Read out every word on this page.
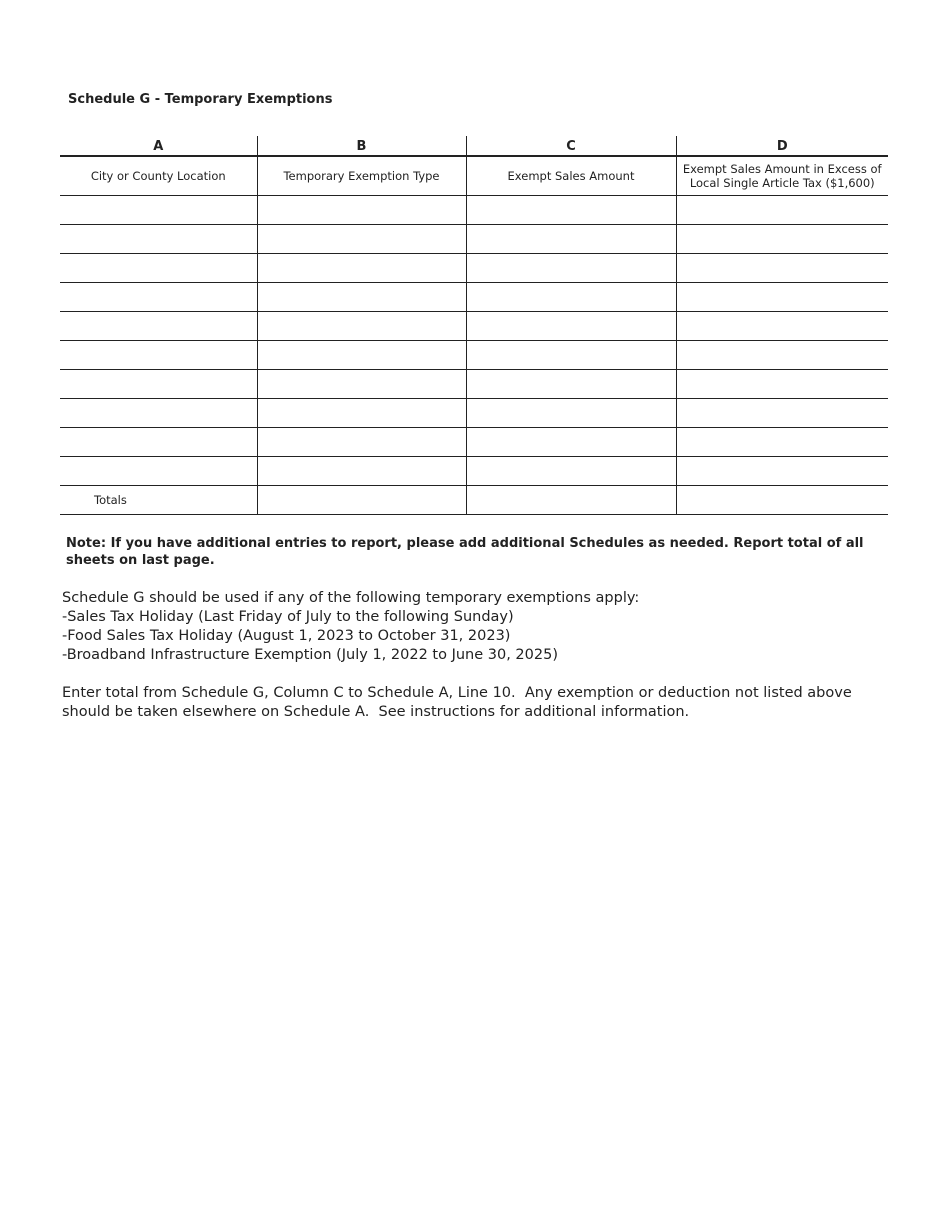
Schedule G - Temporary Exemptions
A	B	C	D
City or County Location	Temporary Exemption Type	Exempt Sales Amount	Exempt Sales Amount in Excess of Local Single Article Tax ($1,600)

Totals			
Note: If you have additional entries to report, please add additional Schedules as needed. Report total of all sheets on last page.
Schedule G should be used if any of the following temporary exemptions apply:
-Sales Tax Holiday (Last Friday of July to the following Sunday)
-Food Sales Tax Holiday (August 1, 2023 to October 31, 2023)
-Broadband Infrastructure Exemption (July 1, 2022 to June 30, 2025)
Enter total from Schedule G, Column C to Schedule A, Line 10.  Any exemption or deduction not listed above
should be taken elsewhere on Schedule A.  See instructions for additional information.
